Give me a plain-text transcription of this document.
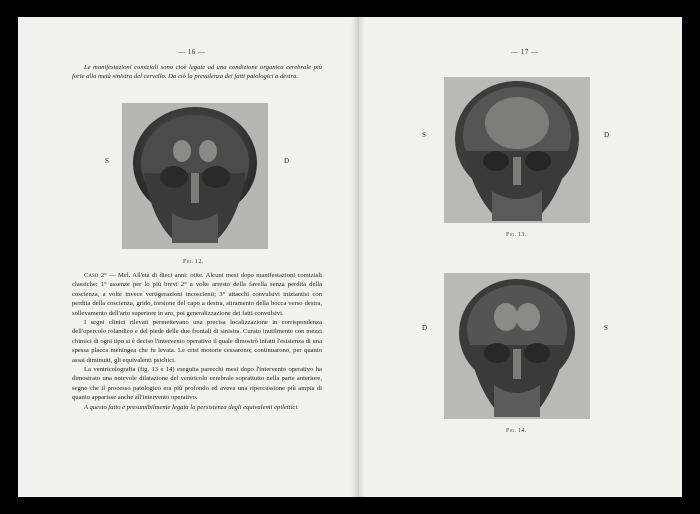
— 16 —

Le manifestazioni comiziali sono cioè legate ad una condizione organica cerebrale più forte alla metà sinistra del cervello. Da ciò la prevalenza dei fatti patologici a destra.

S	D
Fig. 12.

Caso 2° — Mel. All'età di dieci anni: otite. Alcuni mesi dopo manifestazioni comiziali classiche: 1° assenze per lo più brevi 2° a volte arresto della favella senza perdita della coscienza, a volte invece vertigerazioni incoscienti; 3° attacchi convulsivi iniziantisi con perdita della coscienza, grido, torsione del capo a destra, stiramento della bocca verso destra, sollevamento dell'arto superiore in aro, poi generalizzazione dei fatti convulsivi.

I segni clinici rilevati permettevano una precisa localizzazione in corrispondenza dell'opercolo rolandico e del piede delle due frontali di sinistra. Curato inutilmente con mezzi chimici di ogni tipo si è deciso l'intervento operativo il quale dimostrò infatti l'esistenza di una spessa placca meningea che fu levata. Le crisi motorie cessarono; continuarono, per quanto assai diminuiti, gli equivalenti psichici.

La ventricolografia (fig. 13 e 14) eseguita parecchi mesi dopo l'intervento operativo ha dimostrato una notevole dilatazione del ventricolo cerebrale soprattutto nella parte anteriore, segno che il processo patologico era più profondo ed aveva una ripercussione più ampia di quanto apparisse anche all'intervento operativo.

A questo fatto è presumibilmente legata la persistenza degli equivalenti epilettici.

— 17 —
S	D
Fig. 13.
D	S
Fig. 14.
